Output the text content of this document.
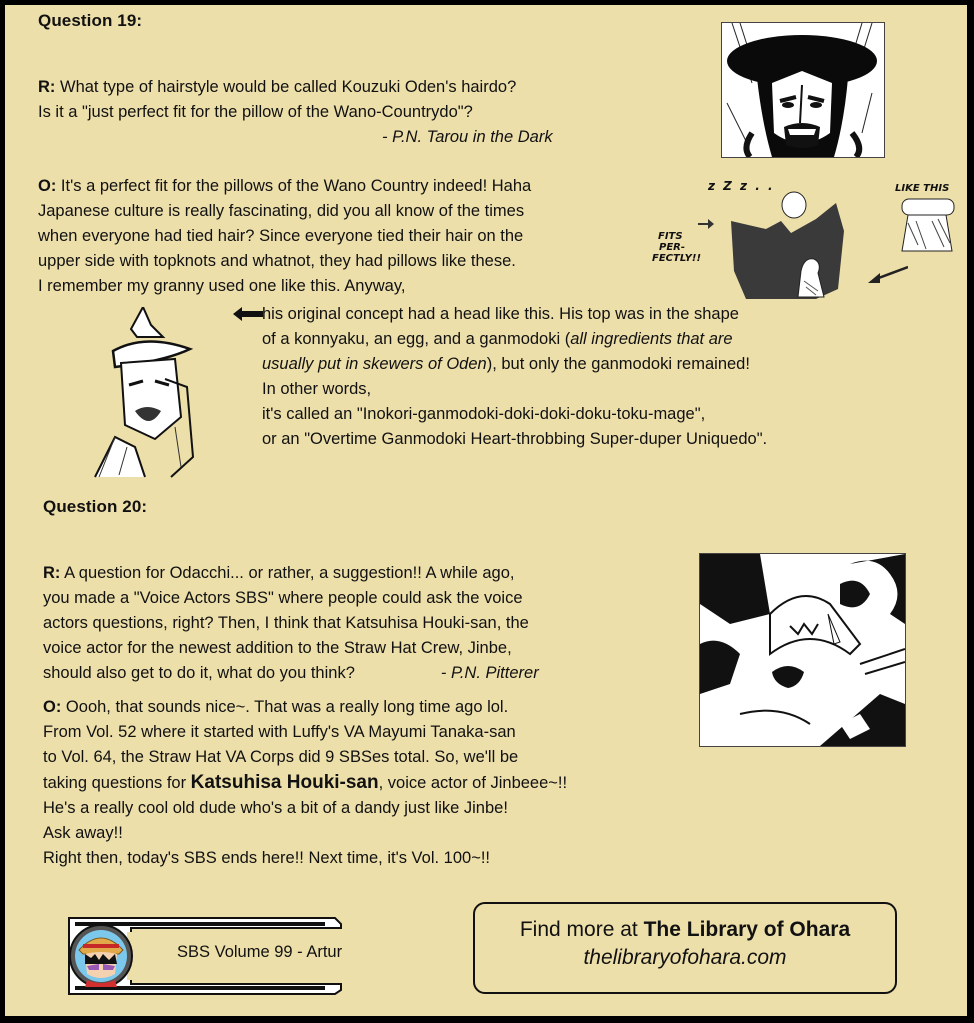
Question 19:
R: What type of hairstyle would be called Kouzuki Oden's hairdo?
Is it a "just perfect fit for the pillow of the Wano-Countrydo"?
- P.N. Tarou in the Dark
O: It's a perfect fit for the pillows of the Wano Country indeed! Haha
Japanese culture is really fascinating, did you all know of the times
when everyone had tied hair? Since everyone tied their hair on the
upper side with topknots and whatnot, they had pillows like these.
I remember my granny used one like this. Anyway,
his original concept had a head like this. His top was in the shape
of a konnyaku, an egg, and a ganmodoki (all ingredients that are
usually put in skewers of Oden), but only the ganmodoki remained!
In other words,
it's called an "Inokori-ganmodoki-doki-doki-doku-toku-mage",
or an "Overtime Ganmodoki Heart-throbbing Super-duper Uniquedo".
z Z z . .
FITS
PER-
FECTLY!!
LIKE THIS
Question 20:
R: A question for Odacchi... or rather, a suggestion!! A while ago,
you made a "Voice Actors SBS" where people could ask the voice
actors questions, right? Then, I think that Katsuhisa Houki-san, the
voice actor for the newest addition to the Straw Hat Crew, Jinbe,
should also get to do it, what do you think?	- P.N. Pitterer
O: Oooh, that sounds nice~. That was a really long time ago lol.
From Vol. 52 where it started with Luffy's VA Mayumi Tanaka-san
to Vol. 64, the Straw Hat VA Corps did 9 SBSes total. So, we'll be
taking questions for Katsuhisa Houki-san, voice actor of Jinbeee~!!
He's a really cool old dude who's a bit of a dandy just like Jinbe!
Ask away!!
Right then, today's SBS ends here!! Next time, it's Vol. 100~!!
SBS Volume 99 - Artur
Find more at The Library of Ohara
thelibraryofohara.com
